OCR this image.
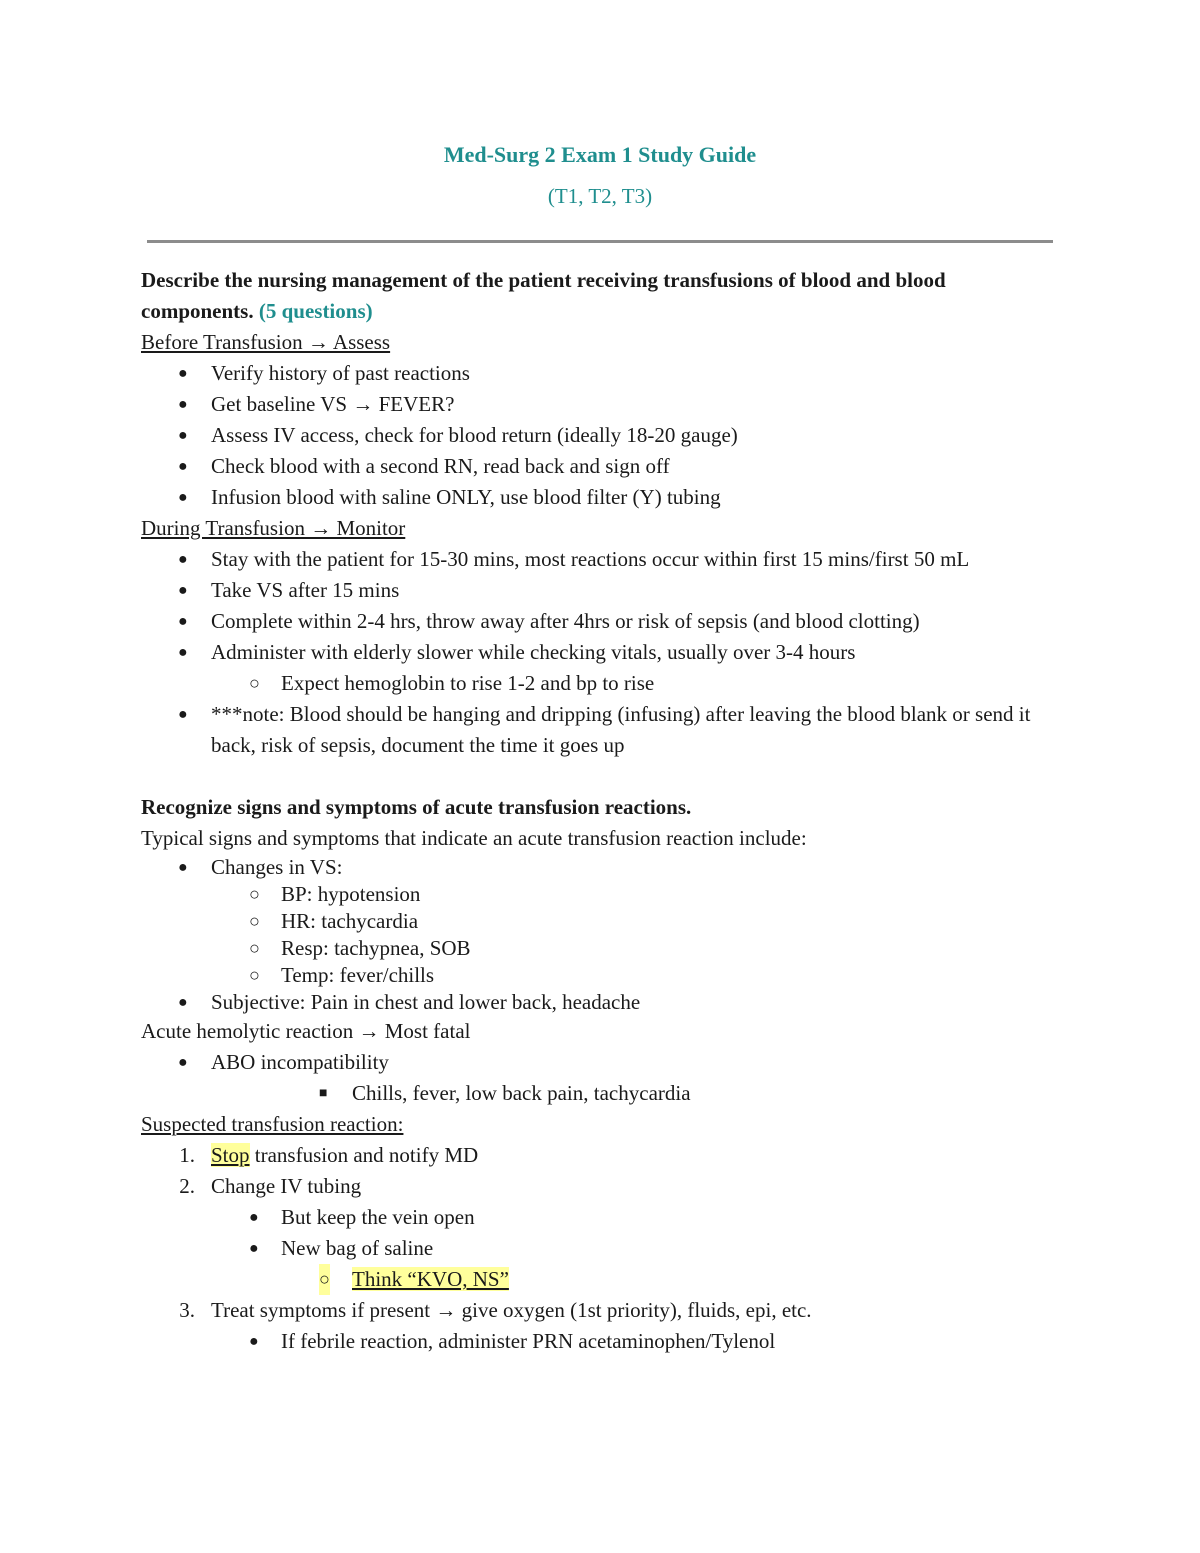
Med-Surg 2 Exam 1 Study Guide
(T1, T2, T3)

Describe the nursing management of the patient receiving transfusions of blood and blood
components. (5 questions)

Before Transfusion → Assess

● Verify history of past reactions
● Get baseline VS → FEVER?
● Assess IV access, check for blood return (ideally 18-20 gauge)
● Check blood with a second RN, read back and sign off
● Infusion blood with saline ONLY, use blood filter (Y) tubing

During Transfusion → Monitor

● Stay with the patient for 15-30 mins, most reactions occur within first 15 mins/first 50 mL
● Take VS after 15 mins
● Complete within 2-4 hrs, throw away after 4hrs or risk of sepsis (and blood clotting)
● Administer with elderly slower while checking vitals, usually over 3-4 hours
○ Expect hemoglobin to rise 1-2 and bp to rise
● ***note: Blood should be hanging and dripping (infusing) after leaving the blood blank or send it back, risk of sepsis, document the time it goes up

Recognize signs and symptoms of acute transfusion reactions.

Typical signs and symptoms that indicate an acute transfusion reaction include:

● Changes in VS:
○ BP: hypotension
○ HR: tachycardia
○ Resp: tachypnea, SOB
○ Temp: fever/chills
● Subjective: Pain in chest and lower back, headache

Acute hemolytic reaction → Most fatal

● ABO incompatibility
■ Chills, fever, low back pain, tachycardia

Suspected transfusion reaction:

1. Stop transfusion and notify MD
2. Change IV tubing
● But keep the vein open
● New bag of saline
○ Think “KVO, NS”
3. Treat symptoms if present → give oxygen (1st priority), fluids, epi, etc.
● If febrile reaction, administer PRN acetaminophen/Tylenol
